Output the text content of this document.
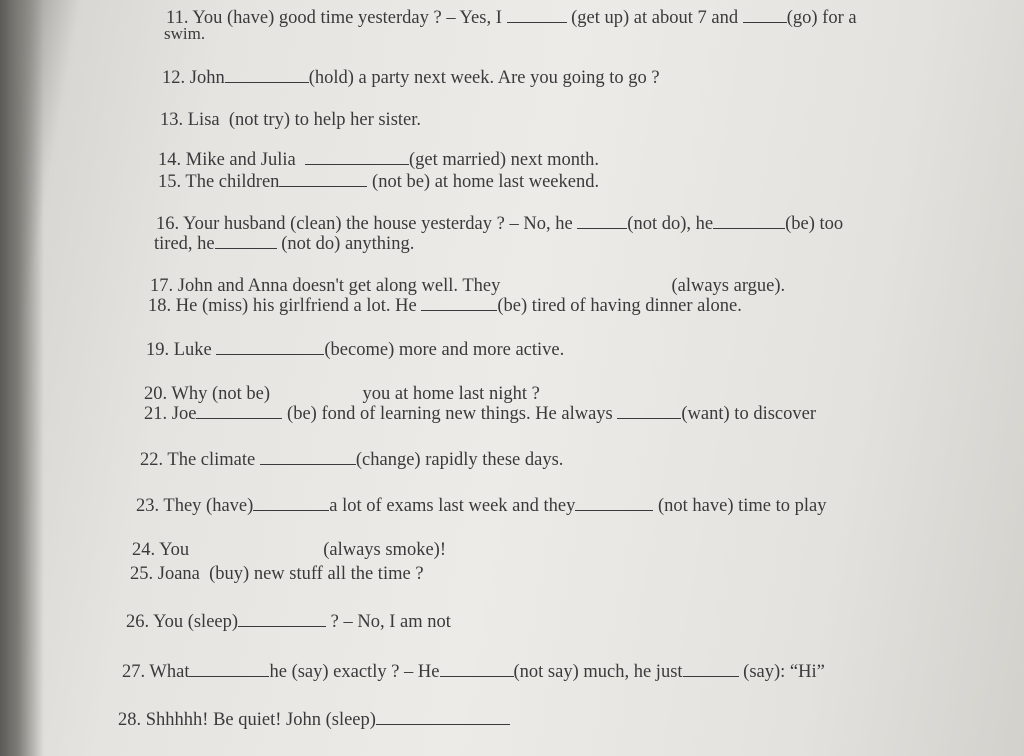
11. You (have) good time yesterday ? – Yes, I	(get up) at about 7 and (go) for a
swim.
12. John	(hold) a party next week. Are you going to go ?
13. Lisa  (not try) to help her sister.
14. Mike and Julia	(get married) next month.
15. The children	(not be) at home last weekend.
16. Your husband (clean) the house yesterday ? – No, he	(not do), he	(be) too
tired, he	(not do) anything.
17. John and Anna doesn't get along well. They                                     (always argue).
18. He (miss) his girlfriend a lot. He	(be) tired of having dinner alone.
19. Luke	(become) more and more active.
20. Why (not be)                    you at home last night ?
21. Joe	(be) fond of learning new things. He always	(want) to discover
22. The climate	(change) rapidly these days.
23. They (have)	a lot of exams last week and they	(not have) time to play
24. You                             (always smoke)!
25. Joana  (buy) new stuff all the time ?
26. You (sleep)	? – No, I am not
27. What	he (say) exactly ? – He	(not say) much, he just	(say): “Hi”
28. Shhhhh! Be quiet! John (sleep)
